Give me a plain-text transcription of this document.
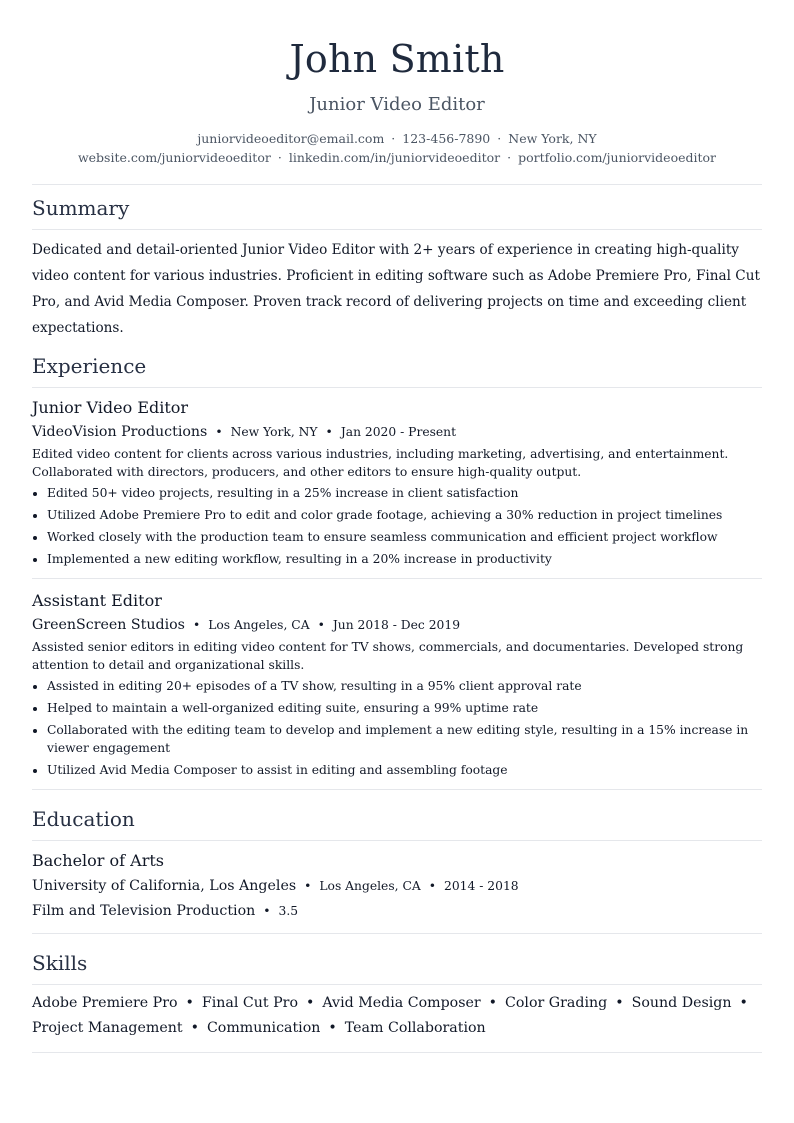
John Smith
Junior Video Editor
juniorvideoeditor@email.com · 123-456-7890 · New York, NY
website.com/juniorvideoeditor · linkedin.com/in/juniorvideoeditor · portfolio.com/juniorvideoeditor
Summary
Dedicated and detail-oriented Junior Video Editor with 2+ years of experience in creating high-quality video content for various industries. Proficient in editing software such as Adobe Premiere Pro, Final Cut Pro, and Avid Media Composer. Proven track record of delivering projects on time and exceeding client expectations.
Experience
Junior Video Editor
VideoVision Productions • New York, NY • Jan 2020 - Present
Edited video content for clients across various industries, including marketing, advertising, and entertainment. Collaborated with directors, producers, and other editors to ensure high-quality output.
Edited 50+ video projects, resulting in a 25% increase in client satisfaction
Utilized Adobe Premiere Pro to edit and color grade footage, achieving a 30% reduction in project timelines
Worked closely with the production team to ensure seamless communication and efficient project workflow
Implemented a new editing workflow, resulting in a 20% increase in productivity
Assistant Editor
GreenScreen Studios • Los Angeles, CA • Jun 2018 - Dec 2019
Assisted senior editors in editing video content for TV shows, commercials, and documentaries. Developed strong attention to detail and organizational skills.
Assisted in editing 20+ episodes of a TV show, resulting in a 95% client approval rate
Helped to maintain a well-organized editing suite, ensuring a 99% uptime rate
Collaborated with the editing team to develop and implement a new editing style, resulting in a 15% increase in viewer engagement
Utilized Avid Media Composer to assist in editing and assembling footage
Education
Bachelor of Arts
University of California, Los Angeles • Los Angeles, CA • 2014 - 2018
Film and Television Production • 3.5
Skills
Adobe Premiere Pro • Final Cut Pro • Avid Media Composer • Color Grading • Sound Design •
Project Management • Communication • Team Collaboration
